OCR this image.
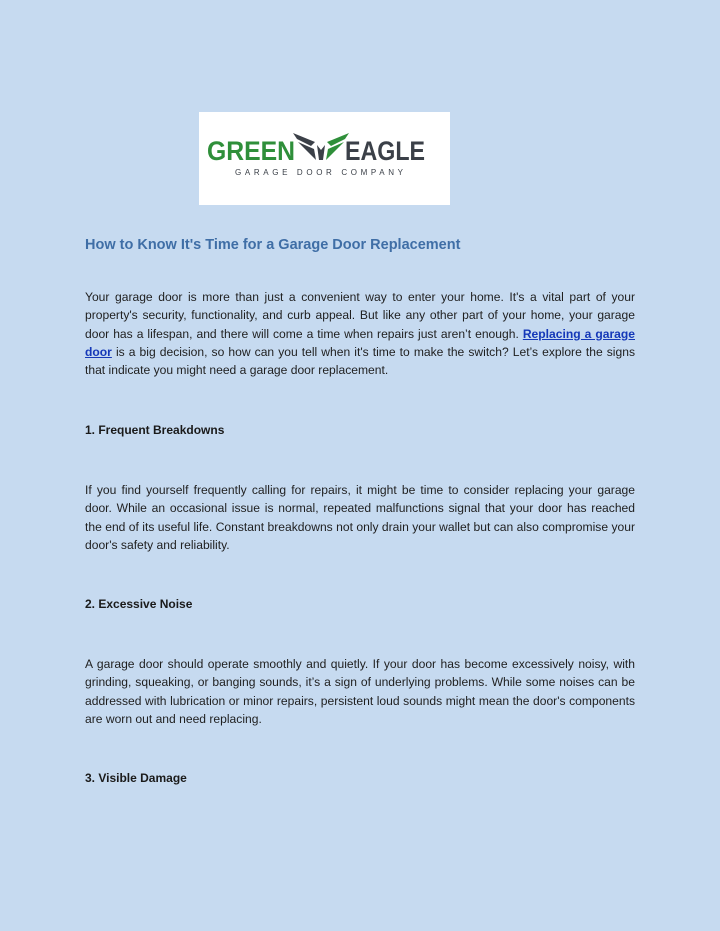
GREEN EAGLE
GARAGE DOOR COMPANY
How to Know It's Time for a Garage Door Replacement

Your garage door is more than just a convenient way to enter your home. It's a vital part of your property's security, functionality, and curb appeal. But like any other part of your home, your garage door has a lifespan, and there will come a time when repairs just aren’t enough. Replacing a garage door is a big decision, so how can you tell when it's time to make the switch? Let’s explore the signs that indicate you might need a garage door replacement.

1. Frequent Breakdowns

If you find yourself frequently calling for repairs, it might be time to consider replacing your garage door. While an occasional issue is normal, repeated malfunctions signal that your door has reached the end of its useful life. Constant breakdowns not only drain your wallet but can also compromise your door's safety and reliability.

2. Excessive Noise

A garage door should operate smoothly and quietly. If your door has become excessively noisy, with grinding, squeaking, or banging sounds, it’s a sign of underlying problems. While some noises can be addressed with lubrication or minor repairs, persistent loud sounds might mean the door's components are worn out and need replacing.

3. Visible Damage
